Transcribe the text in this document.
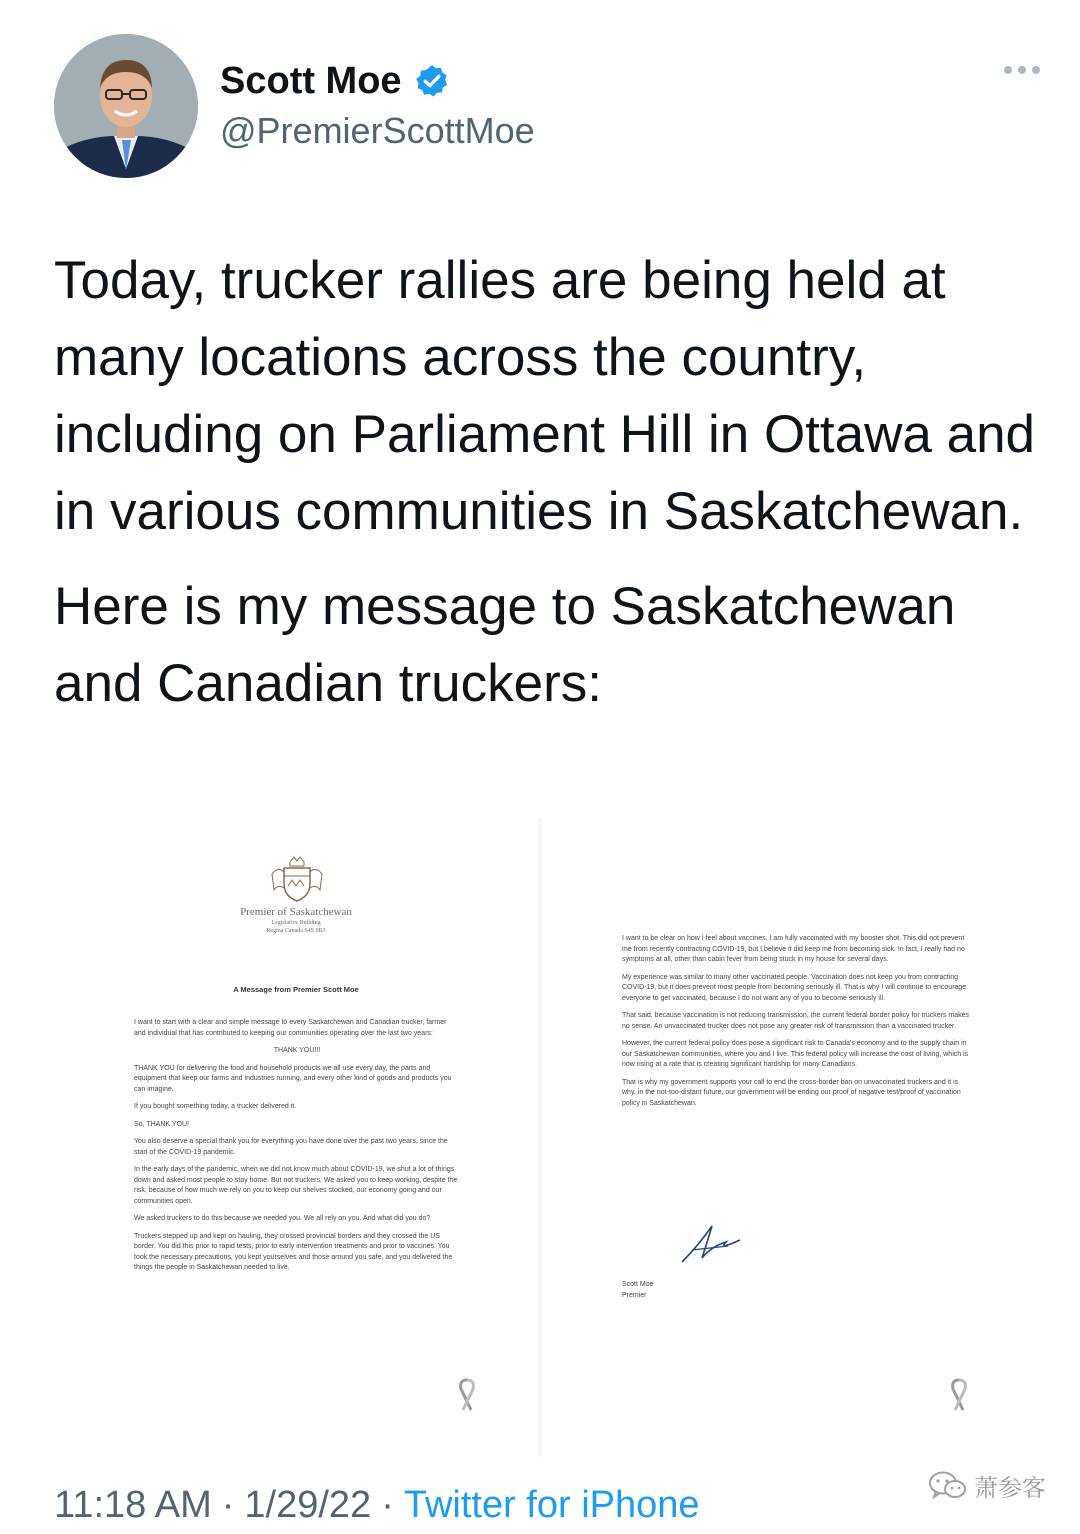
Scott Moe
@PremierScottMoe

Today, trucker rallies are being held at many locations across the country, including on Parliament Hill in Ottawa and in various communities in Saskatchewan.

Here is my message to Saskatchewan and Canadian truckers:

Premier of Saskatchewan
Legislative Building
Regina Canada S4S 0B3
A Message from Premier Scott Moe

I want to start with a clear and simple message to every Saskatchewan and Canadian trucker, farmer and individual that has contributed to keeping our communities operating over the last two years:

THANK YOU!!!

THANK YOU for delivering the food and household products we all use every day, the parts and equipment that keep our farms and industries running, and every other kind of goods and products you can imagine.

If you bought something today, a trucker delivered it.

So, THANK YOU!

You also deserve a special thank you for everything you have done over the past two years, since the start of the COVID-19 pandemic.

In the early days of the pandemic, when we did not know much about COVID-19, we shut a lot of things down and asked most people to stay home. But not truckers. We asked you to keep working, despite the risk, because of how much we rely on you to keep our shelves stocked, our economy going and our communities open.

We asked truckers to do this because we needed you. We all rely on you. And what did you do?

Truckers stepped up and kept on hauling, they crossed provincial borders and they crossed the US border. You did this prior to rapid tests, prior to early intervention treatments and prior to vaccines. You took the necessary precautions, you kept yourselves and those around you safe, and you delivered the things the people in Saskatchewan needed to live.

I want to be clear on how I feel about vaccines. I am fully vaccinated with my booster shot. This did not prevent me from recently contracting COVID-19, but I believe it did keep me from becoming sick. In fact, I really had no symptoms at all, other than cabin fever from being stuck in my house for several days.

My experience was similar to many other vaccinated people. Vaccination does not keep you from contracting COVID-19, but it does prevent most people from becoming seriously ill. That is why I will continue to encourage everyone to get vaccinated, because I do not want any of you to become seriously ill.

That said, because vaccination is not reducing transmission, the current federal border policy for truckers makes no sense. An unvaccinated trucker does not pose any greater risk of transmission than a vaccinated trucker.

However, the current federal policy does pose a significant risk to Canada's economy and to the supply chain in our Saskatchewan communities, where you and I live. This federal policy will increase the cost of living, which is now rising at a rate that is creating significant hardship for many Canadians.

That is why my government supports your call to end the cross-border ban on unvaccinated truckers and it is why, in the not-too-distant future, our government will be ending our proof of negative test/proof of vaccination policy in Saskatchewan.

Scott Moe
Premier
11:18 AM · 1/29/22 · Twitter for iPhone	萧参客
